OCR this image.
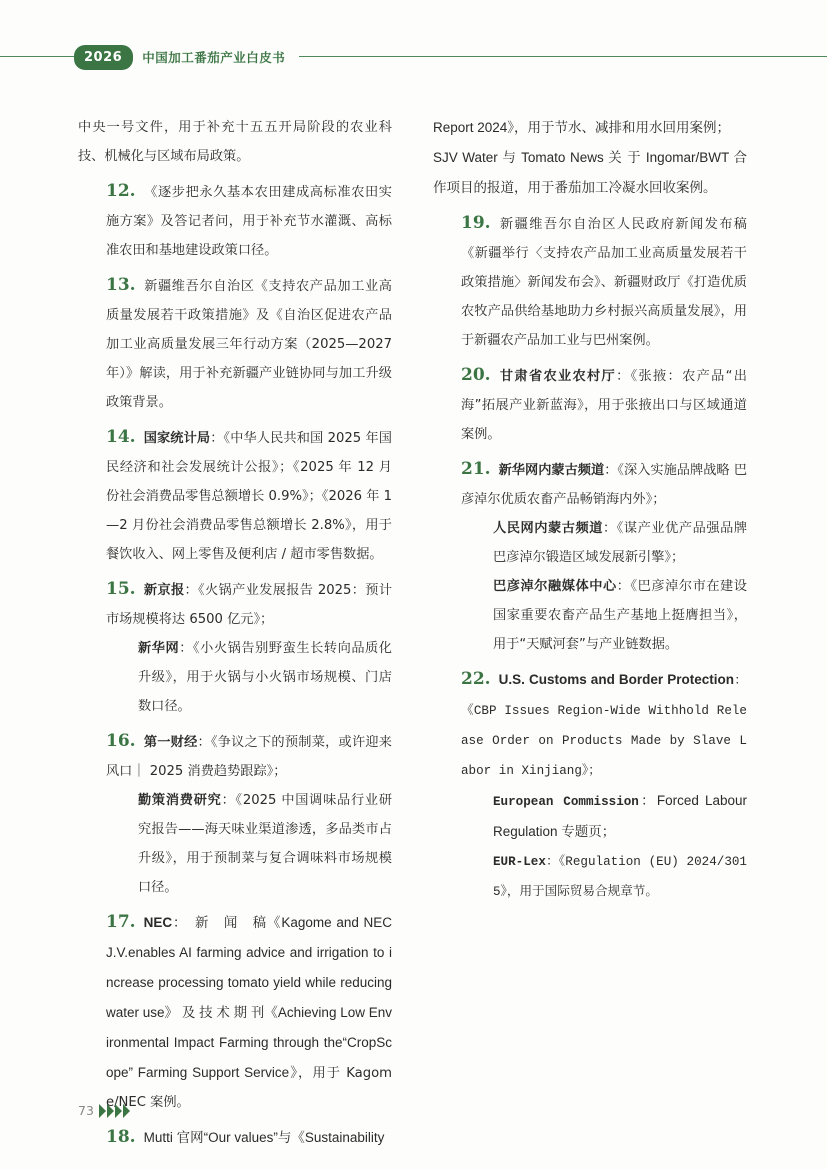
2026	中国加工番茄产业白皮书

中央一号文件，用于补充十五五开局阶段的农业科技、机械化与区域布局政策。

12. 《逐步把永久基本农田建成高标准农田实施方案》及答记者问，用于补充节水灌溉、高标准农田和基地建设政策口径。

13. 新疆维吾尔自治区《支持农产品加工业高质量发展若干政策措施》及《自治区促进农产品加工业高质量发展三年行动方案（2025—2027 年）》解读，用于补充新疆产业链协同与加工升级政策背景。

14. 国家统计局：《中华人民共和国 2025 年国民经济和社会发展统计公报》；《2025 年 12 月份社会消费品零售总额增长 0.9%》；《2026 年 1—2 月份社会消费品零售总额增长 2.8%》，用于餐饮收入、网上零售及便利店 / 超市零售数据。

15. 新京报：《火锅产业发展报告 2025：预计市场规模将达 6500 亿元》；

新华网：《小火锅告别野蛮生长转向品质化升级》，用于火锅与小火锅市场规模、门店数口径。

16. 第一财经：《争议之下的预制菜，或许迎来风口｜ 2025 消费趋势跟踪》；

勤策消费研究：《2025 中国调味品行业研究报告——海天味业渠道渗透，多品类市占升级》，用于预制菜与复合调味料市场规模口径。

17. NEC：　新　闻　稿《Kagome and NEC J.V.enables AI farming advice and irrigation to increase processing tomato yield while reducing water use》 及 技 术 期 刊《Achieving Low Environmental Impact Farming through the“CropScope” Farming Support Service》，用于 Kagome/NEC 案例。

18. Mutti 官网“Our values”与《Sustainability

Report 2024》，用于节水、减排和用水回用案例；

SJV Water 与 Tomato News 关 于 Ingomar/BWT 合作项目的报道，用于番茄加工冷凝水回收案例。

19. 新疆维吾尔自治区人民政府新闻发布稿《新疆举行〈支持农产品加工业高质量发展若干政策措施〉新闻发布会》、新疆财政厅《打造优质农牧产品供给基地助力乡村振兴高质量发展》，用于新疆农产品加工业与巴州案例。

20. 甘肃省农业农村厅：《张掖：农产品“出海”拓展产业新蓝海》，用于张掖出口与区域通道案例。

21. 新华网内蒙古频道：《深入实施品牌战略 巴彦淖尔优质农畜产品畅销海内外》；

人民网内蒙古频道：《谋产业优产品强品牌 巴彦淖尔锻造区域发展新引擎》；

巴彦淖尔融媒体中心：《巴彦淖尔市在建设国家重要农畜产品生产基地上挺膺担当》，用于“天赋河套”与产业链数据。

22. U.S. Customs and Border Protection：《CBP Issues Region-Wide Withhold Release Order on Products Made by Slave Labor in Xinjiang》；

European Commission：Forced Labour Regulation 专题页；

EUR-Lex：《Regulation (EU) 2024/3015》，用于国际贸易合规章节。

73
